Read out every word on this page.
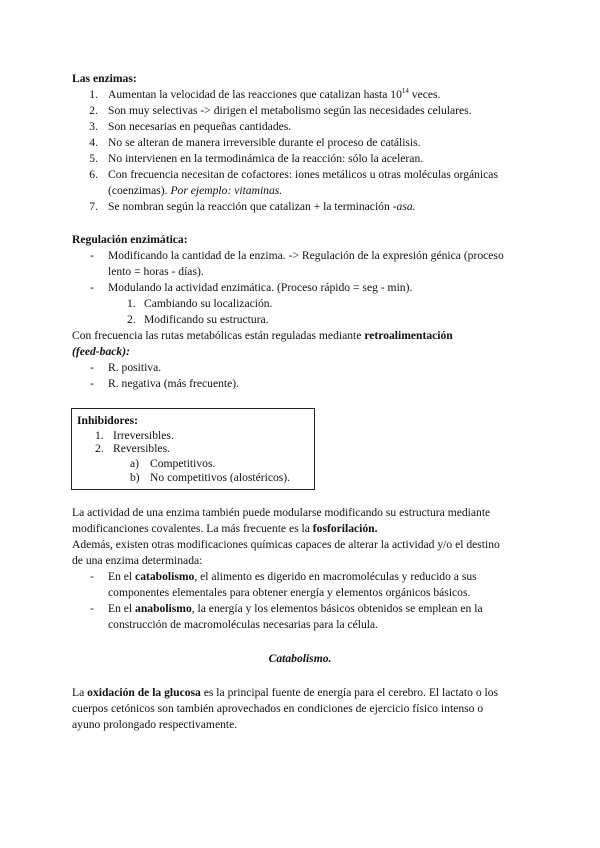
Las enzimas:
1. Aumentan la velocidad de las reacciones que catalizan hasta $10^{14}$ veces.
2. Son muy selectivas -> dirigen el metabolismo según las necesidades celulares.
3. Son necesarias en pequeñas cantidades.
4. No se alteran de manera irreversible durante el proceso de catálisis.
5. No intervienen en la termodinámica de la reacción: sólo la aceleran.
6. Con frecuencia necesitan de cofactores: iones metálicos u otras moléculas orgánicas
(coenzimas). Por ejemplo: vitaminas.
7. Se nombran según la reacción que catalizan + la terminación -asa.
Regulación enzimática:
- Modificando la cantidad de la enzima. -> Regulación de la expresión génica (proceso
lento = horas - días).
- Modulando la actividad enzimática. (Proceso rápido = seg - min).
1. Cambiando su localización.
2. Modificando su estructura.
Con frecuencia las rutas metabólicas están reguladas mediante retroalimentación
(feed-back):
- R. positiva.
- R. negativa (más frecuente).
Inhibidores:
1. Irreversibles.
2. Reversibles.
a) Competitivos.
b) No competitivos (alostéricos).
La actividad de una enzima también puede modularse modificando su estructura mediante
modificanciones covalentes. La más frecuente es la fosforilación.
Además, existen otras modificaciones químicas capaces de alterar la actividad y/o el destino
de una enzima determinada:
- En el catabolismo, el alimento es digerido en macromoléculas y reducido a sus
componentes elementales para obtener energía y elementos orgánicos básicos.
- En el anabolismo, la energía y los elementos básicos obtenidos se emplean en la
construcción de macromoléculas necesarias para la célula.
Catabolismo.
La oxidación de la glucosa es la principal fuente de energía para el cerebro. El lactato o los
cuerpos cetónicos son también aprovechados en condiciones de ejercicio físico intenso o
ayuno prolongado respectivamente.
